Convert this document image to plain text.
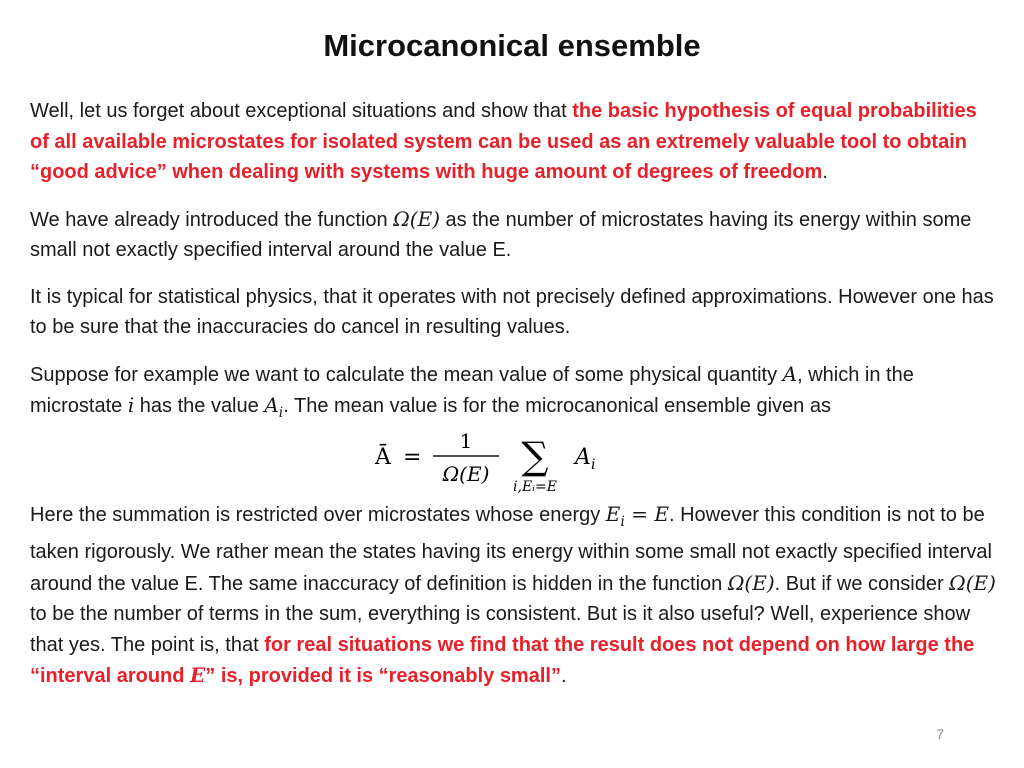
Microcanonical ensemble

Well, let us forget about exceptional situations and show that the basic hypothesis of equal probabilities of all available microstates for isolated system can be used as an extremely valuable tool to obtain “good advice” when dealing with systems with huge amount of degrees of freedom.

We have already introduced the function Ω(E) as the number of microstates having its energy within some small not exactly specified interval around the value E.

It is typical for statistical physics, that it operates with not precisely defined approximations. However one has to be sure that the inaccuracies do cancel in resulting values.

Suppose for example we want to calculate the mean value of some physical quantity A, which in the microstate i has the value $A_i$. The mean value is for the microcanonical ensemble given as

Ā =
1
Ω(E) ∑
i,Eᵢ=E
A i

Here the summation is restricted over microstates whose energy $E_i = E$. However this condition is not to be taken rigorously. We rather mean the states having its energy within some small not exactly specified interval around the value E. The same inaccuracy of definition is hidden in the function Ω(E). But if we consider Ω(E) to be the number of terms in the sum, everything is consistent. But is it also useful? Well, experience show that yes. The point is, that for real situations we find that the result does not depend on how large the “interval around E” is, provided it is “reasonably small”.

7
